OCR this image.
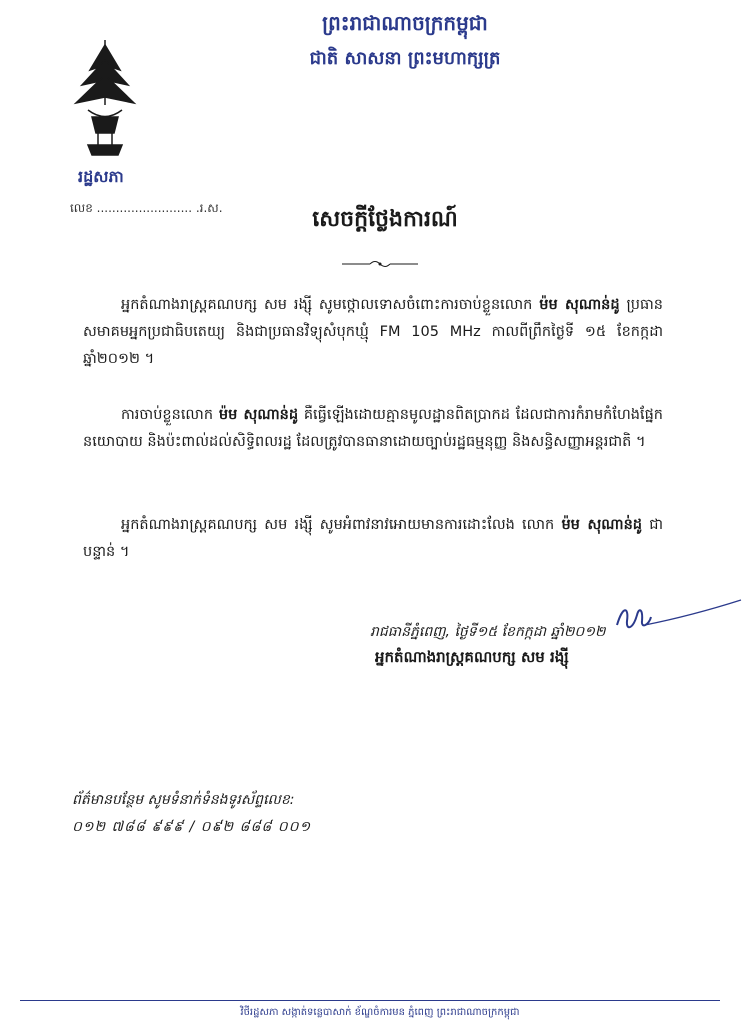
ព្រះរាជាណាចក្រកម្ពុជា
ជាតិ សាសនា ព្រះមហាក្សត្រ
រដ្ឋសភា
លេខ ......................... .រ.ស.	សេចក្តីថ្លែងការណ៍
អ្នកតំណាងរាស្ត្រគណបក្ស សម រង្ស៊ី សូមថ្កោលទោសចំពោះការចាប់ខ្លួនលោក ម៉ម សុណាន់ដូ ប្រធានសមាគមអ្នកប្រជាធិបតេយ្យ និងជាប្រធានវិទ្យុសំបុកឃ្មុំ FM 105 MHz កាលពីព្រឹកថ្ងៃទី ១៥ ខែកក្កដា ឆ្នាំ២០១២ ។
ការចាប់ខ្លួនលោក ម៉ម សុណាន់ដូ គឺធ្វើឡើងដោយគ្មានមូលដ្ឋានពិតប្រាកដ ដែលជាការកំរាមកំហែងផ្នែកនយោបាយ និងប៉ះពាល់ដល់សិទ្ធិពលរដ្ឋ ដែលត្រូវបានធានាដោយច្បាប់រដ្ឋធម្មនុញ្ញ និងសន្ធិសញ្ញាអន្តរជាតិ ។
អ្នកតំណាងរាស្ត្រគណបក្ស សម រង្ស៊ី សូមអំពាវនាវអោយមានការដោះលែង លោក ម៉ម សុណាន់ដូ ជាបន្ទាន់ ។
រាជធានីភ្នំពេញ, ថ្ងៃទី១៥ ខែកក្កដា ឆ្នាំ២០១២
អ្នកតំណាងរាស្ត្រគណបក្ស សម រង្ស៊ី
ព័ត៌មានបន្ថែម សូមទំនាក់ទំនងទូរស័ព្ទលេខ:
០១២ ៧៨៨ ៩៩៩ / ០៩២ ៨៨៨ ០០១
វិថីរដ្ឋសភា សង្កាត់ទន្លេបាសាក់ ខ័ណ្ឌចំការមន ភ្នំពេញ ព្រះរាជាណាចក្រកម្ពុជា
